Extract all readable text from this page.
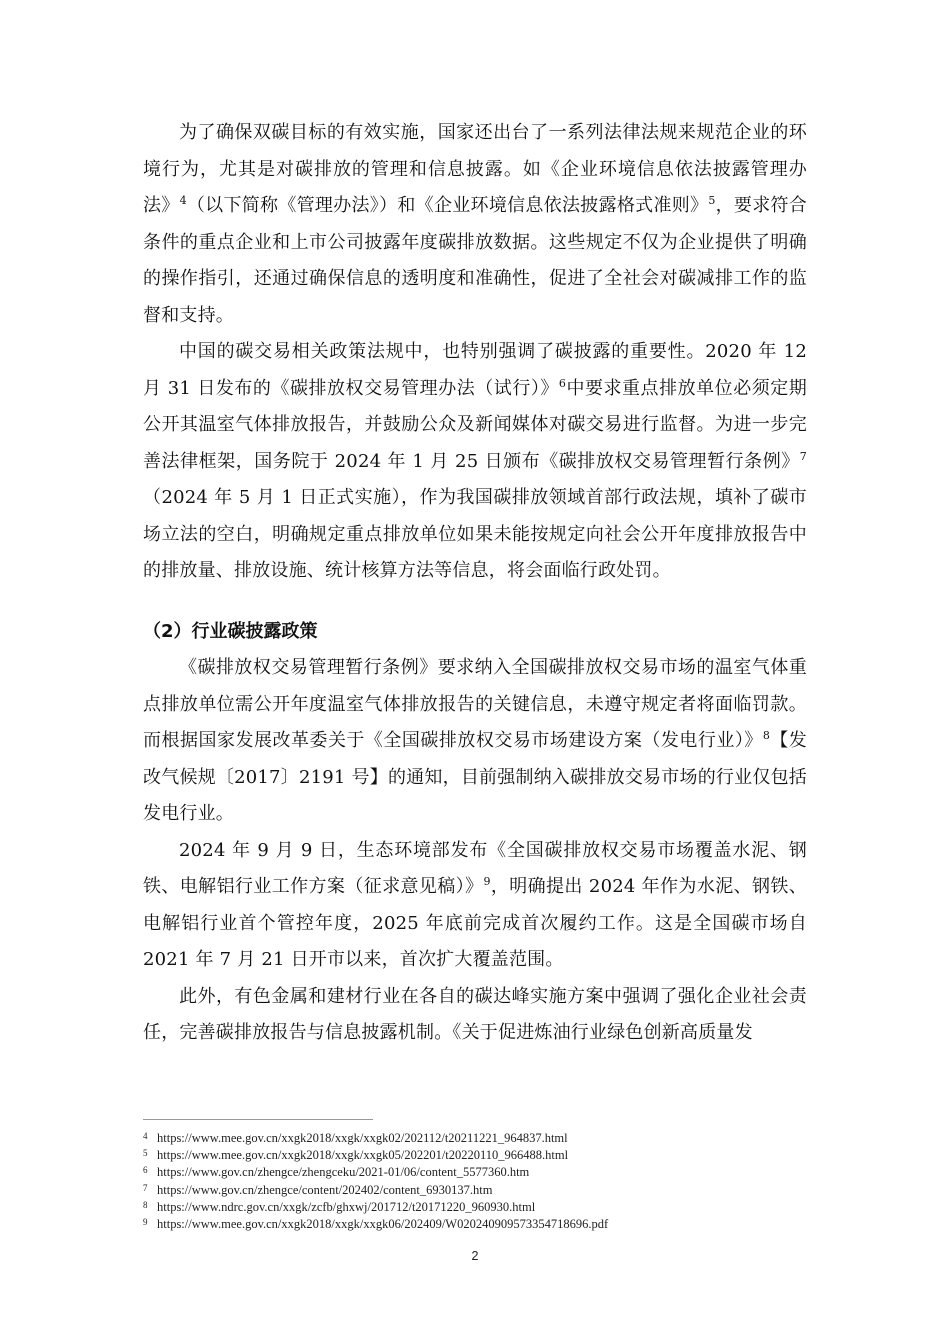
为了确保双碳目标的有效实施，国家还出台了一系列法律法规来规范企业的环境行为，尤其是对碳排放的管理和信息披露。如《企业环境信息依法披露管理办法》$^4$（以下简称《管理办法》）和《企业环境信息依法披露格式准则》$^5$，要求符合条件的重点企业和上市公司披露年度碳排放数据。这些规定不仅为企业提供了明确的操作指引，还通过确保信息的透明度和准确性，促进了全社会对碳减排工作的监督和支持。

中国的碳交易相关政策法规中，也特别强调了碳披露的重要性。2020 年 12 月 31 日发布的《碳排放权交易管理办法（试行）》$^6$中要求重点排放单位必须定期公开其温室气体排放报告，并鼓励公众及新闻媒体对碳交易进行监督。为进一步完善法律框架，国务院于 2024 年 1 月 25 日颁布《碳排放权交易管理暂行条例》$^7$（2024 年 5 月 1 日正式实施），作为我国碳排放领域首部行政法规，填补了碳市场立法的空白，明确规定重点排放单位如果未能按规定向社会公开年度排放报告中的排放量、排放设施、统计核算方法等信息，将会面临行政处罚。

（2）行业碳披露政策

《碳排放权交易管理暂行条例》要求纳入全国碳排放权交易市场的温室气体重点排放单位需公开年度温室气体排放报告的关键信息，未遵守规定者将面临罚款。而根据国家发展改革委关于《全国碳排放权交易市场建设方案（发电行业）》$^8$【发改气候规〔2017〕2191 号】的通知，目前强制纳入碳排放交易市场的行业仅包括发电行业。

2024 年 9 月 9 日，生态环境部发布《全国碳排放权交易市场覆盖水泥、钢铁、电解铝行业工作方案（征求意见稿）》$^9$，明确提出 2024 年作为水泥、钢铁、电解铝行业首个管控年度，2025 年底前完成首次履约工作。这是全国碳市场自 2021 年 7 月 21 日开市以来，首次扩大覆盖范围。

此外，有色金属和建材行业在各自的碳达峰实施方案中强调了强化企业社会责任，完善碳排放报告与信息披露机制。《关于促进炼油行业绿色创新高质量发

4 https://www.mee.gov.cn/xxgk2018/xxgk/xxgk02/202112/t20211221_964837.html

5 https://www.mee.gov.cn/xxgk2018/xxgk/xxgk05/202201/t20220110_966488.html

6 https://www.gov.cn/zhengce/zhengceku/2021-01/06/content_5577360.htm

7 https://www.gov.cn/zhengce/content/202402/content_6930137.htm

8 https://www.ndrc.gov.cn/xxgk/zcfb/ghxwj/201712/t20171220_960930.html

9 https://www.mee.gov.cn/xxgk2018/xxgk/xxgk06/202409/W020240909573354718696.pdf

2
